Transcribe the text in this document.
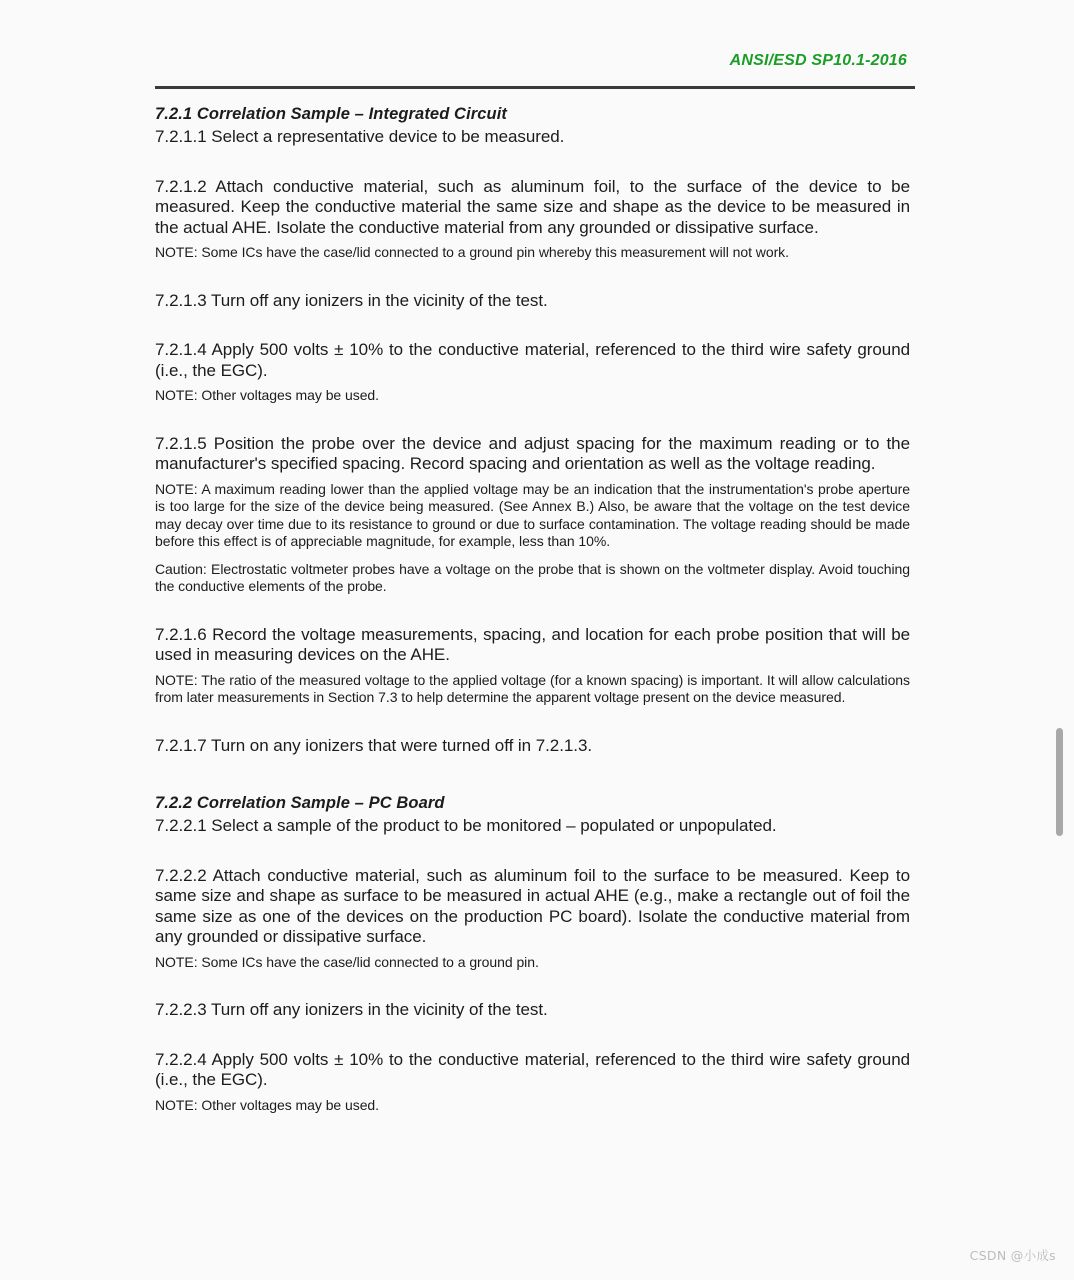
ANSI/ESD SP10.1-2016
7.2.1 Correlation Sample – Integrated Circuit

7.2.1.1 Select a representative device to be measured.

7.2.1.2 Attach conductive material, such as aluminum foil, to the surface of the device to be measured. Keep the conductive material the same size and shape as the device to be measured in the actual AHE. Isolate the conductive material from any grounded or dissipative surface.

NOTE: Some ICs have the case/lid connected to a ground pin whereby this measurement will not work.

7.2.1.3 Turn off any ionizers in the vicinity of the test.

7.2.1.4 Apply 500 volts ± 10% to the conductive material, referenced to the third wire safety ground (i.e., the EGC).

NOTE: Other voltages may be used.

7.2.1.5 Position the probe over the device and adjust spacing for the maximum reading or to the manufacturer's specified spacing. Record spacing and orientation as well as the voltage reading.

NOTE: A maximum reading lower than the applied voltage may be an indication that the instrumentation's probe aperture is too large for the size of the device being measured. (See Annex B.) Also, be aware that the voltage on the test device may decay over time due to its resistance to ground or due to surface contamination. The voltage reading should be made before this effect is of appreciable magnitude, for example, less than 10%.

Caution: Electrostatic voltmeter probes have a voltage on the probe that is shown on the voltmeter display. Avoid touching the conductive elements of the probe.

7.2.1.6 Record the voltage measurements, spacing, and location for each probe position that will be used in measuring devices on the AHE.

NOTE: The ratio of the measured voltage to the applied voltage (for a known spacing) is important. It will allow calculations from later measurements in Section 7.3 to help determine the apparent voltage present on the device measured.

7.2.1.7 Turn on any ionizers that were turned off in 7.2.1.3.

7.2.2 Correlation Sample – PC Board

7.2.2.1 Select a sample of the product to be monitored – populated or unpopulated.

7.2.2.2 Attach conductive material, such as aluminum foil to the surface to be measured. Keep to same size and shape as surface to be measured in actual AHE (e.g., make a rectangle out of foil the same size as one of the devices on the production PC board). Isolate the conductive material from any grounded or dissipative surface.

NOTE: Some ICs have the case/lid connected to a ground pin.

7.2.2.3 Turn off any ionizers in the vicinity of the test.

7.2.2.4 Apply 500 volts ± 10% to the conductive material, referenced to the third wire safety ground (i.e., the EGC).

NOTE: Other voltages may be used.

CSDN @小成s
